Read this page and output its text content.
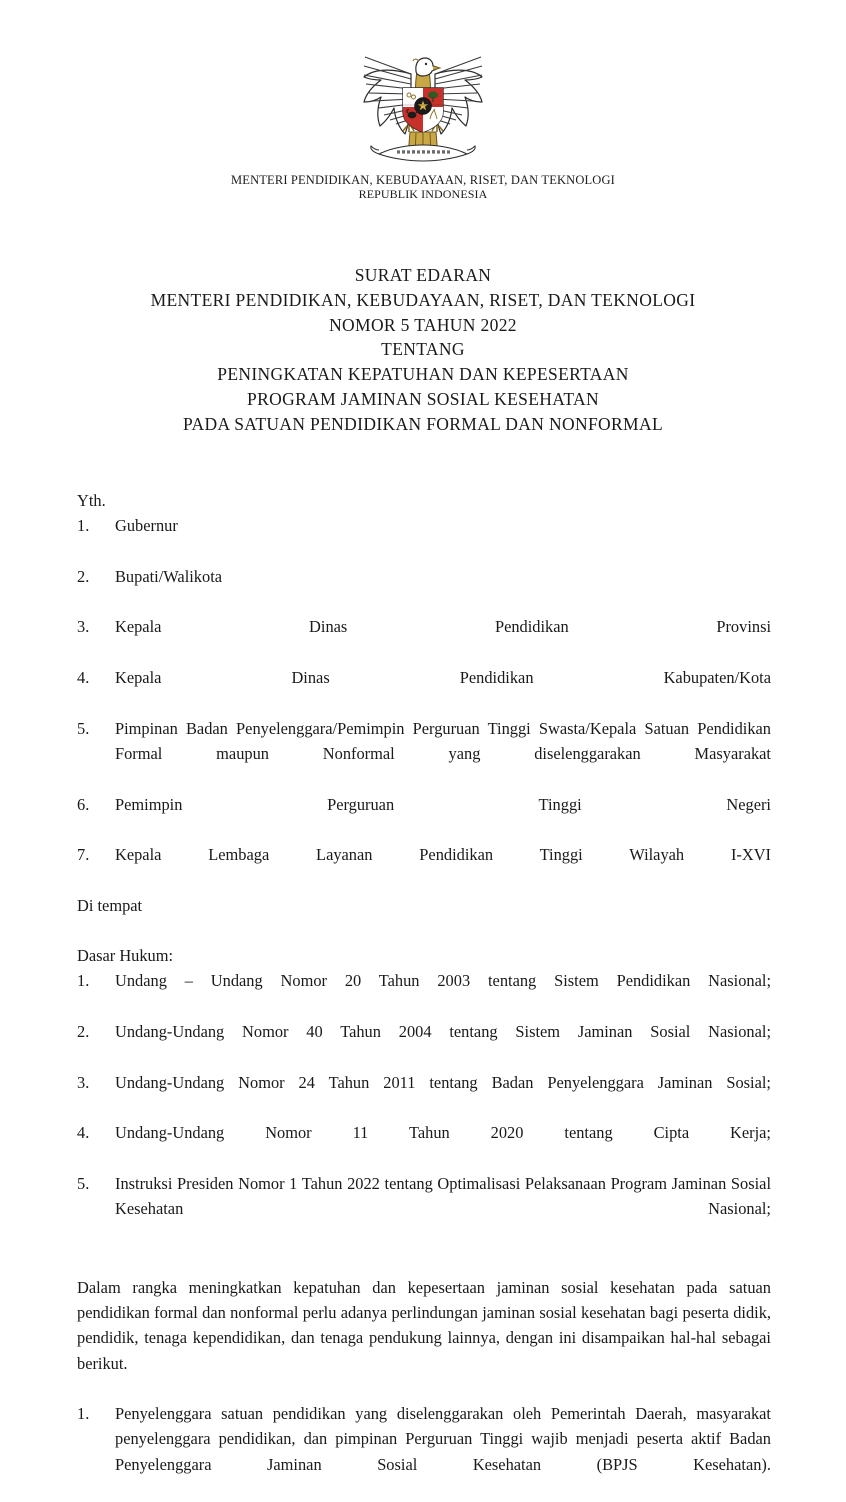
MENTERI PENDIDIKAN, KEBUDAYAAN, RISET, DAN TEKNOLOGI
REPUBLIK INDONESIA
SURAT EDARAN
MENTERI PENDIDIKAN, KEBUDAYAAN, RISET, DAN TEKNOLOGI
NOMOR 5 TAHUN 2022
TENTANG
PENINGKATAN KEPATUHAN DAN KEPESERTAAN
PROGRAM JAMINAN SOSIAL KESEHATAN
PADA SATUAN PENDIDIKAN FORMAL DAN NONFORMAL
Yth.
1.	Gubernur
2.	Bupati/Walikota
3.	Kepala Dinas Pendidikan Provinsi
4.	Kepala Dinas Pendidikan Kabupaten/Kota
5.	Pimpinan Badan Penyelenggara/Pemimpin Perguruan Tinggi Swasta/Kepala Satuan Pendidikan Formal maupun Nonformal yang diselenggarakan Masyarakat
6.	Pemimpin Perguruan Tinggi Negeri
7.	Kepala Lembaga Layanan Pendidikan Tinggi Wilayah I-XVI
Di tempat
Dasar Hukum:
1.	Undang – Undang Nomor 20 Tahun 2003 tentang Sistem Pendidikan Nasional;
2.	Undang-Undang Nomor 40 Tahun 2004 tentang Sistem Jaminan Sosial Nasional;
3.	Undang-Undang Nomor 24 Tahun 2011 tentang Badan Penyelenggara Jaminan Sosial;
4.	Undang-Undang Nomor 11 Tahun 2020 tentang Cipta Kerja;
5.	Instruksi Presiden Nomor 1 Tahun 2022 tentang Optimalisasi Pelaksanaan Program Jaminan Sosial Kesehatan Nasional;

Dalam rangka meningkatkan kepatuhan dan kepesertaan jaminan sosial kesehatan pada satuan pendidikan formal dan nonformal perlu adanya perlindungan jaminan sosial kesehatan bagi peserta didik, pendidik, tenaga kependidikan, dan tenaga pendukung lainnya, dengan ini disampaikan hal-hal sebagai berikut.

1.	Penyelenggara satuan pendidikan yang diselenggarakan oleh Pemerintah Daerah, masyarakat penyelenggara pendidikan, dan pimpinan Perguruan Tinggi wajib menjadi peserta aktif Badan Penyelenggara Jaminan Sosial Kesehatan (BPJS Kesehatan).
